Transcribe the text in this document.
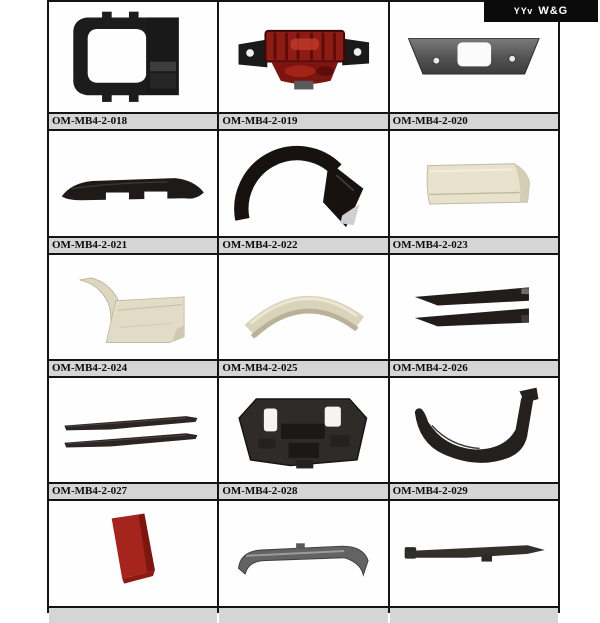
YYv W&G
OM-MB4-2-018	OM-MB4-2-019	OM-MB4-2-020
OM-MB4-2-021	OM-MB4-2-022	OM-MB4-2-023
OM-MB4-2-024	OM-MB4-2-025	OM-MB4-2-026
OM-MB4-2-027	OM-MB4-2-028	OM-MB4-2-029
